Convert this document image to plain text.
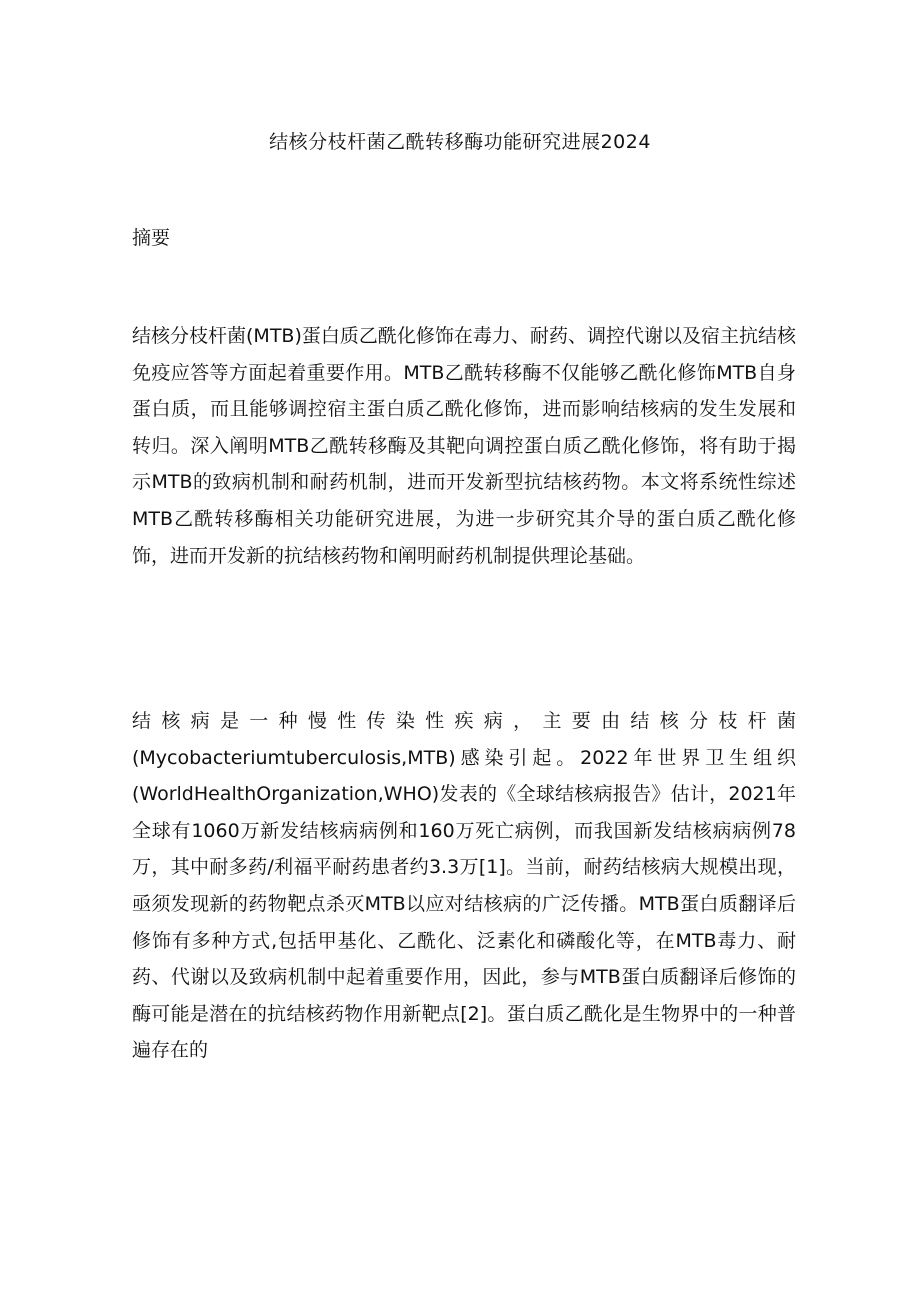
结核分枝杆菌乙酰转移酶功能研究进展2024
摘要

结核分枝杆菌(MTB)蛋白质乙酰化修饰在毒力、耐药、调控代谢以及宿主抗结核免疫应答等方面起着重要作用。MTB乙酰转移酶不仅能够乙酰化修饰MTB自身蛋白质，而且能够调控宿主蛋白质乙酰化修饰，进而影响结核病的发生发展和转归。深入阐明MTB乙酰转移酶及其靶向调控蛋白质乙酰化修饰，将有助于揭示MTB的致病机制和耐药机制，进而开发新型抗结核药物。本文将系统性综述MTB乙酰转移酶相关功能研究进展，为进一步研究其介导的蛋白质乙酰化修饰，进而开发新的抗结核药物和阐明耐药机制提供理论基础。

结核病是一种慢性传染性疾病，主要由结核分枝杆菌(Mycobacteriumtuberculosis,MTB)感染引起。2022年世界卫生组织(WorldHealthOrganization,WHO)发表的《全球结核病报告》估计，2021年全球有1060万新发结核病病例和160万死亡病例，而我国新发结核病病例78万，其中耐多药/利福平耐药患者约3.3万[1]。当前，耐药结核病大规模出现，亟须发现新的药物靶点杀灭MTB以应对结核病的广泛传播。MTB蛋白质翻译后修饰有多种方式,包括甲基化、乙酰化、泛素化和磷酸化等，在MTB毒力、耐药、代谢以及致病机制中起着重要作用，因此，参与MTB蛋白质翻译后修饰的酶可能是潜在的抗结核药物作用新靶点[2]。蛋白质乙酰化是生物界中的一种普遍存在的
